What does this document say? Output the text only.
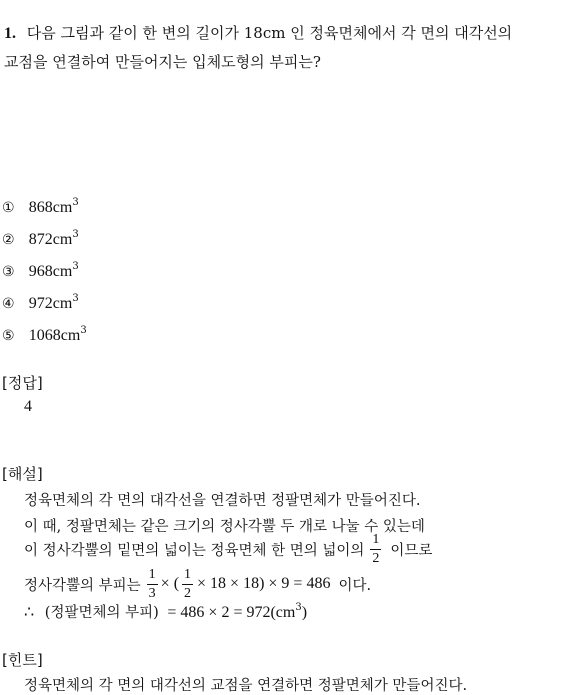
1. 다음 그림과 같이 한 변의 길이가 18cm 인 정육면체에서 각 면의 대각선의
교점을 연결하여 만들어지는 입체도형의 부피는?
① $868cm^3$
② $872cm^3$
③ $968cm^3$
④ $972cm^3$
⑤ $1068cm^3$
[정답]
4
[해설]
정육면체의 각 면의 대각선을 연결하면 정팔면체가 만들어진다.
이 때, 정팔면체는 같은 크기의 정사각뿔 두 개로 나눌 수 있는데
이 정사각뿔의 밑면의 넓이는 정육면체 한 면의 넓이의 $\frac{1}{2}$ 이므로
정사각뿔의 부피는 $\frac{1}{3}$ × ( $\frac{1}{2} \times 18 \times 18) \times 9 = 486$ 이다.
∴ (정팔면체의 부피) = $486 \times 2 = 972(cm^3)$
[힌트]
정육면체의 각 면의 대각선의 교점을 연결하면 정팔면체가 만들어진다.
